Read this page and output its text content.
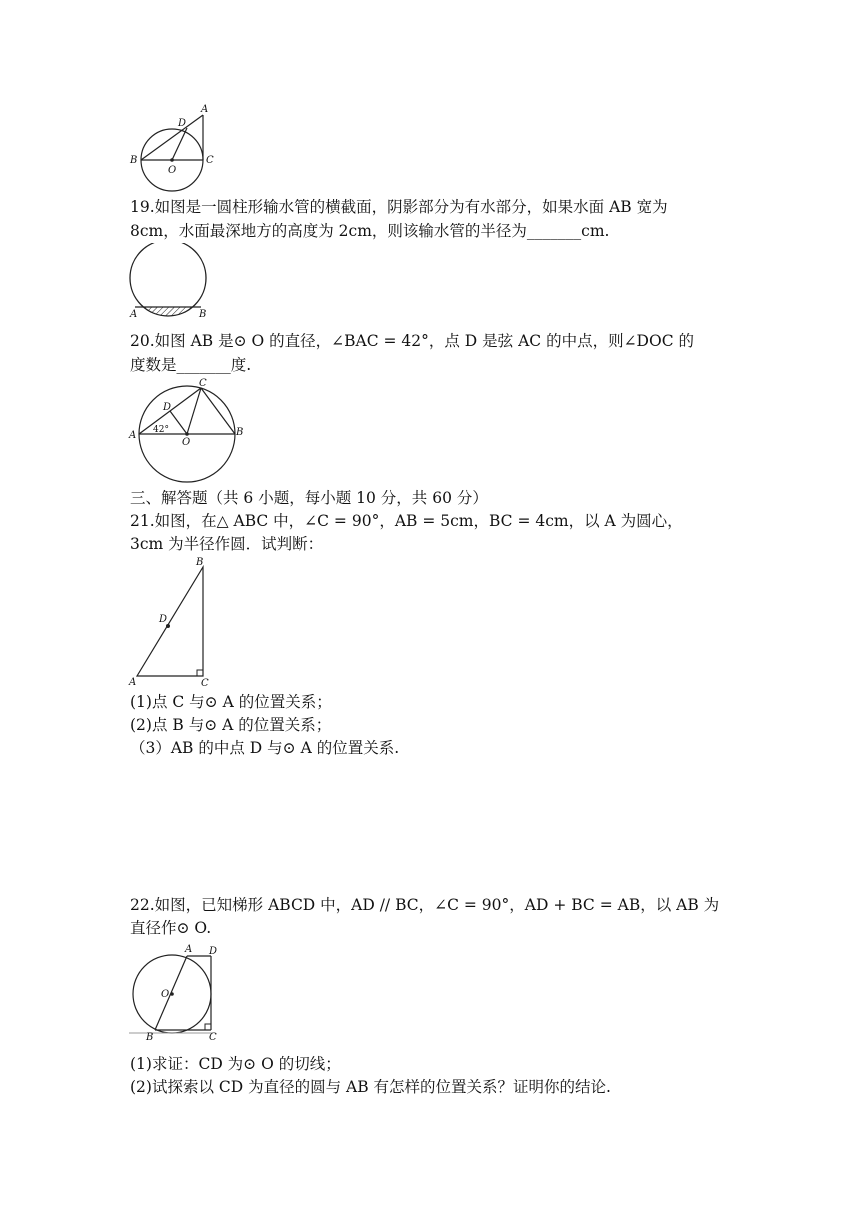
A
D
B
O
C
19.如图是一圆柱形输水管的横截面，阴影部分为有水部分，如果水面 AB 宽为
8cm，水面最深地方的高度为 2cm，则该输水管的半径为_______cm.
A	B
20.如图 AB 是⊙ O 的直径，∠BAC = 42°，点 D 是弦 AC 的中点，则∠DOC 的
度数是_______度.
C
D
A	B
O
42°
三、解答题（共 6 小题，每小题 10 分，共 60 分）
21.如图，在△ ABC 中，∠C = 90°，AB = 5cm，BC = 4cm，以 A 为圆心，
3cm 为半径作圆．试判断：
B
D
A	C
(1)点 C 与⊙ A 的位置关系；
(2)点 B 与⊙ A 的位置关系；
（3）AB 的中点 D 与⊙ A 的位置关系.
22.如图，已知梯形 ABCD 中，AD // BC，∠C = 90°，AD + BC = AB，以 AB 为
直径作⊙ O.
A D
O
B	C
(1)求证：CD 为⊙ O 的切线；
(2)试探索以 CD 为直径的圆与 AB 有怎样的位置关系？证明你的结论.
